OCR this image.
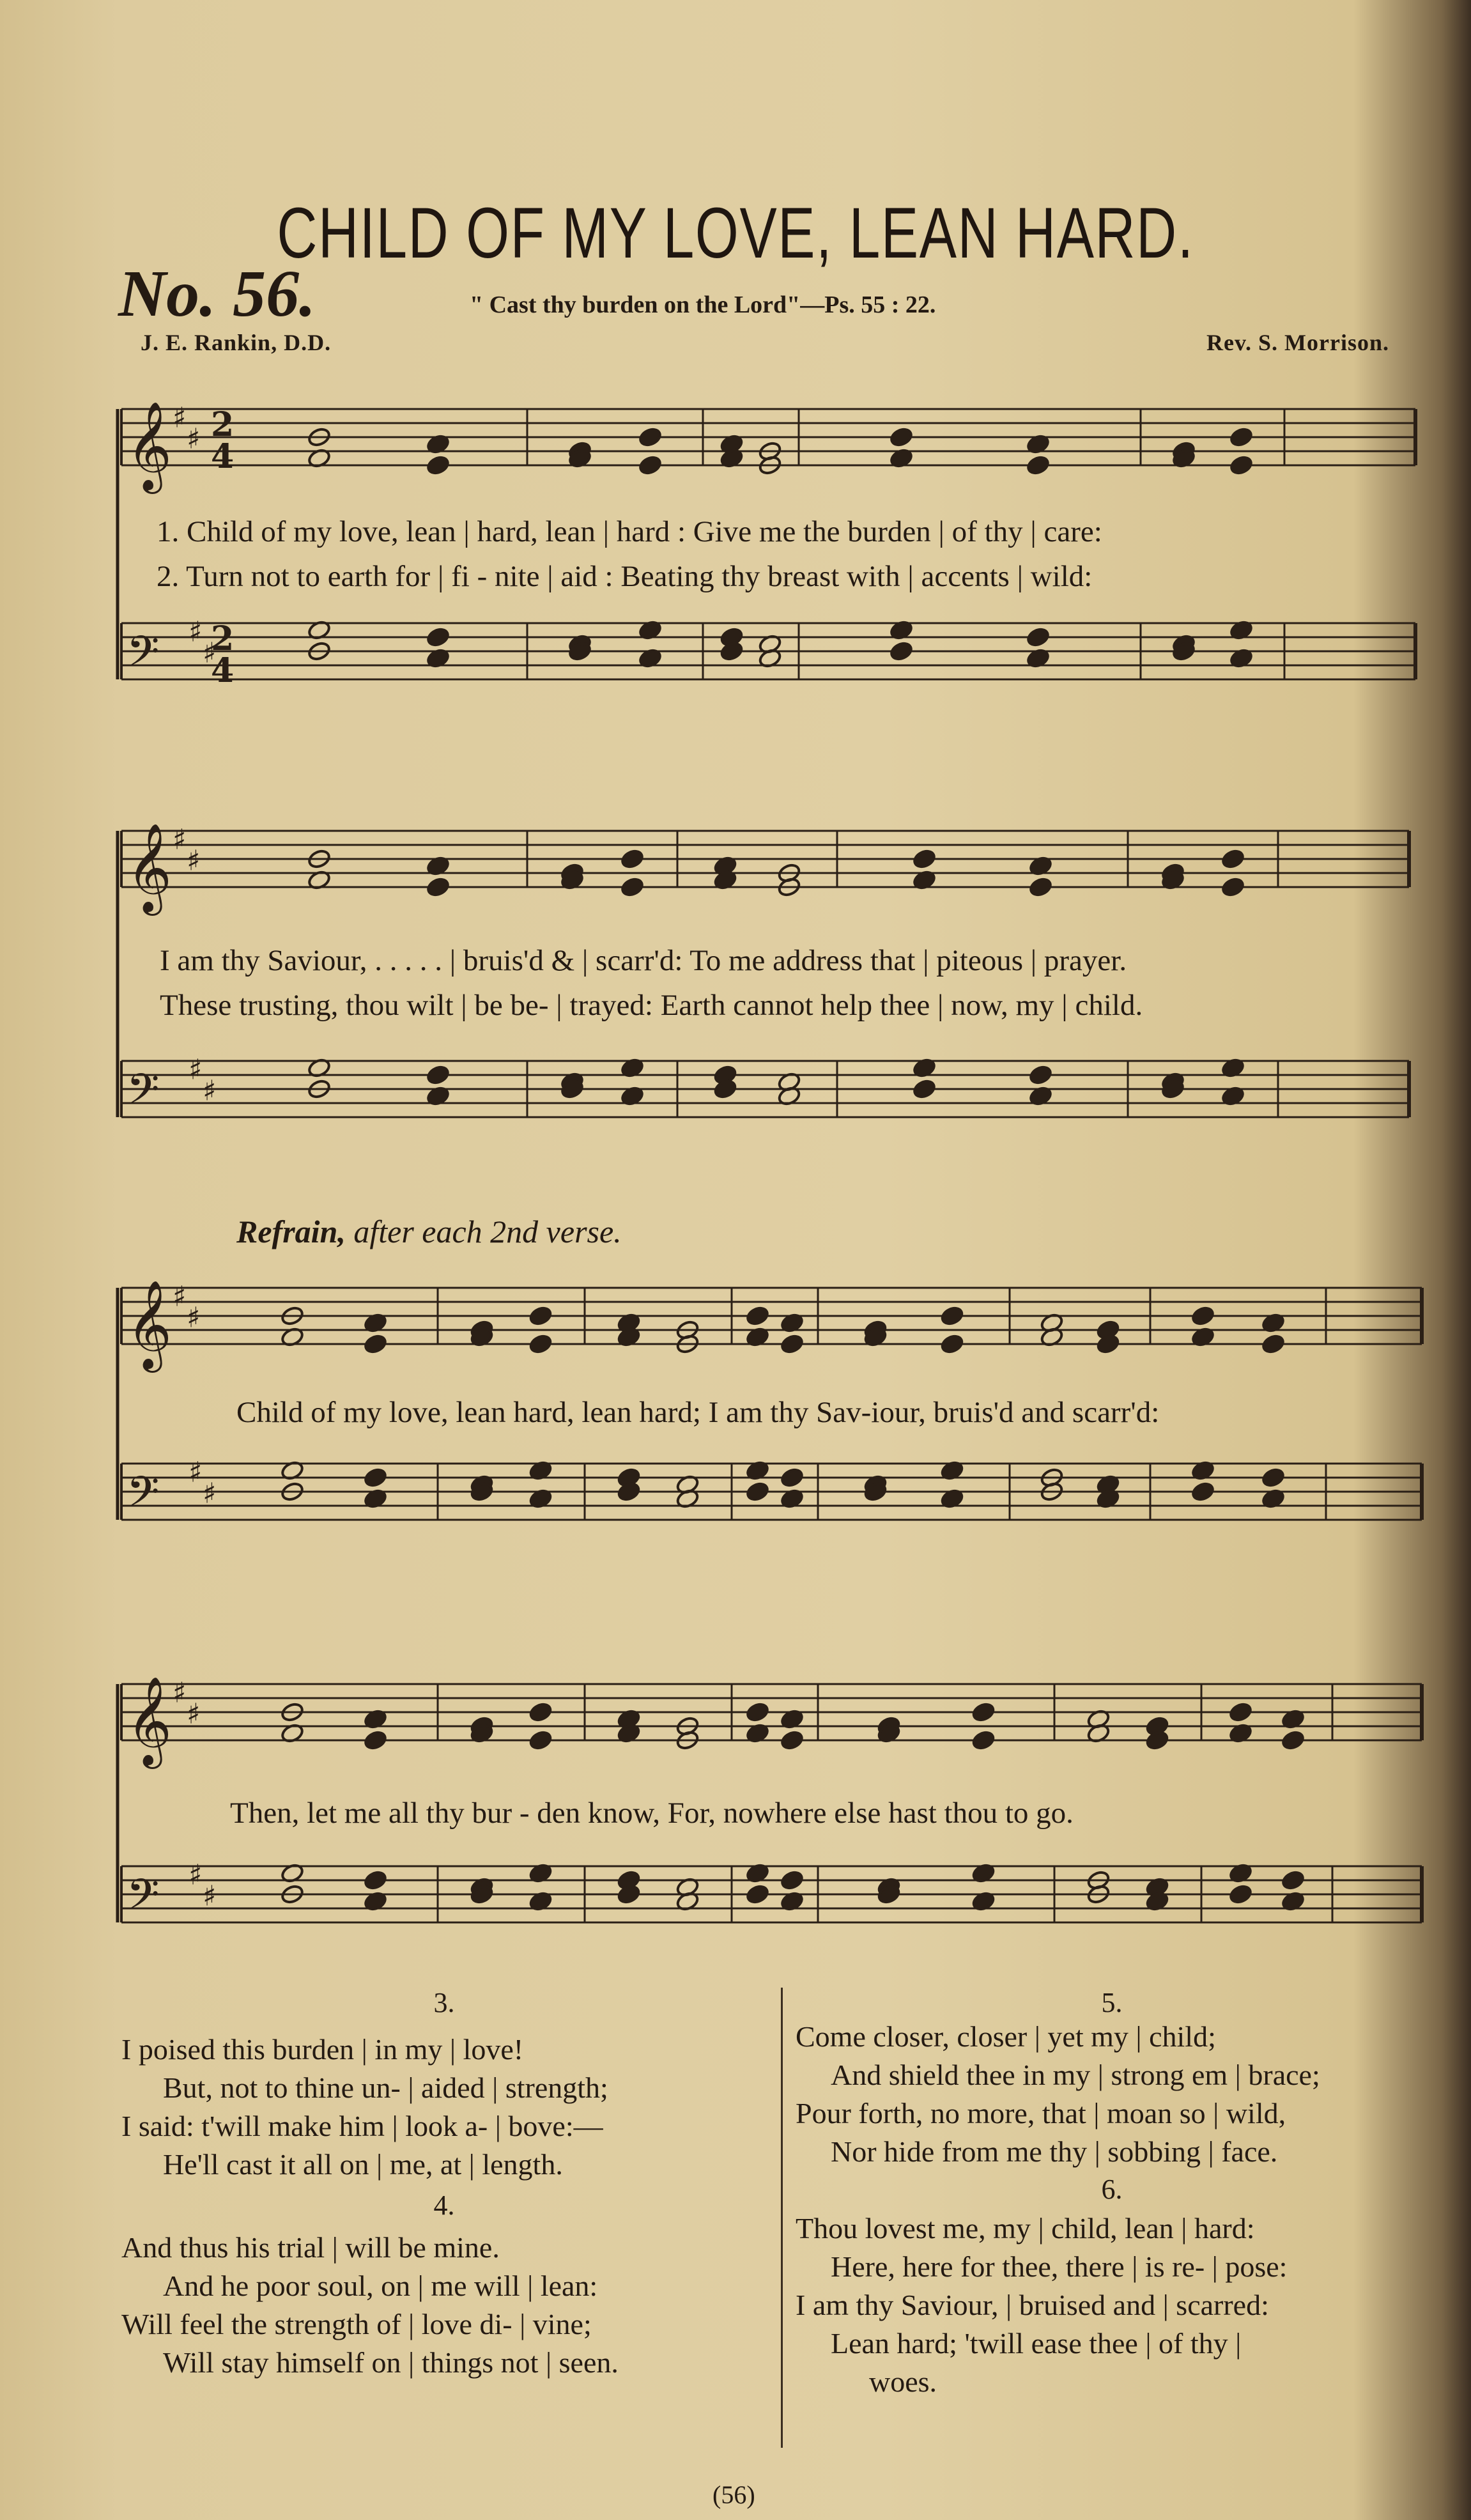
𝄞 ♯
♯
𝄢 ♯
♯
𝄞 ♯
♯
𝄢 ♯
♯
𝄞 ♯
♯
𝄢 ♯
♯
𝄞 ♯
♯
𝄢 ♯
♯
2
4
2
4
CHILD OF MY LOVE, LEAN HARD.
No. 56.	" Cast thy burden on the Lord"—Ps. 55 : 22.
J. E. Rankin, D.D.	Rev. S. Morrison.
1. Child of my love, lean | hard, lean | hard : Give me the burden | of thy | care:
2. Turn not to earth for | fi - nite | aid : Beating thy breast with | accents | wild:
I am thy Saviour, . . . . . | bruis'd & | scarr'd: To me address that | piteous | prayer.
These trusting, thou wilt | be be- | trayed: Earth cannot help thee | now, my | child.
Refrain, after each 2nd verse.
Child of my love, lean hard, lean hard; I am thy Sav-iour, bruis'd and scarr'd:
Then, let me all thy bur - den know, For, nowhere else hast thou to go.
3.
I poised this burden | in my | love!
But, not to thine un- | aided | strength;
I said: t'will make him | look a- | bove:—
He'll cast it all on | me, at | length.
4.
And thus his trial | will be mine.
And he poor soul, on | me will | lean:
Will feel the strength of | love di- | vine;
Will stay himself on | things not | seen.
5.
Come closer, closer | yet my | child;
And shield thee in my | strong em | brace;
Pour forth, no more, that | moan so | wild,
Nor hide from me thy | sobbing | face.
6.
Thou lovest me, my | child, lean | hard:
Here, here for thee, there | is re- | pose:
I am thy Saviour, | bruised and | scarred:
Lean hard; 'twill ease thee | of thy |
woes.
(56)
